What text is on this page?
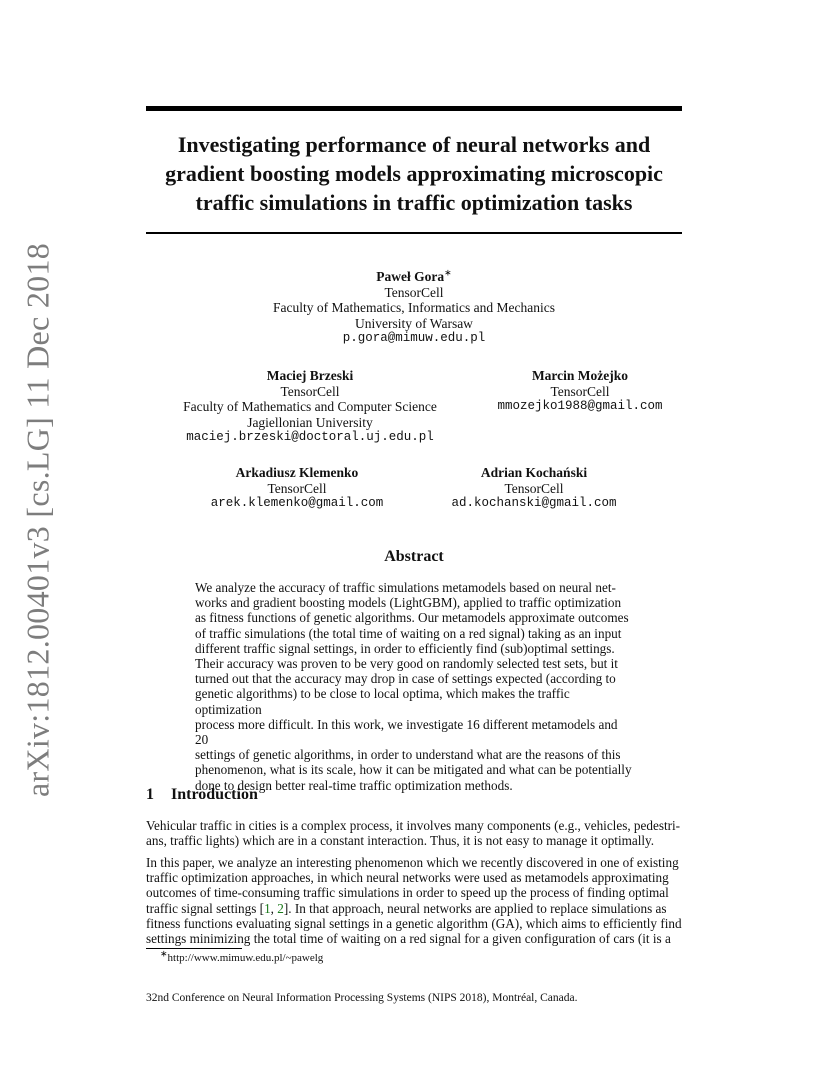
arXiv:1812.00401v3 [cs.LG] 11 Dec 2018
Investigating performance of neural networks and
gradient boosting models approximating microscopic
traffic simulations in traffic optimization tasks
Paweł Gora∗
TensorCell
Faculty of Mathematics, Informatics and Mechanics
University of Warsaw
p.gora@mimuw.edu.pl
Maciej Brzeski
TensorCell
Faculty of Mathematics and Computer Science
Jagiellonian University
maciej.brzeski@doctoral.uj.edu.pl
Marcin Możejko
TensorCell
mmozejko1988@gmail.com
Arkadiusz Klemenko
TensorCell
arek.klemenko@gmail.com
Adrian Kochański
TensorCell
ad.kochanski@gmail.com
Abstract
We analyze the accuracy of traffic simulations metamodels based on neural net-
works and gradient boosting models (LightGBM), applied to traffic optimization
as fitness functions of genetic algorithms. Our metamodels approximate outcomes
of traffic simulations (the total time of waiting on a red signal) taking as an input
different traffic signal settings, in order to efficiently find (sub)optimal settings.
Their accuracy was proven to be very good on randomly selected test sets, but it
turned out that the accuracy may drop in case of settings expected (according to
genetic algorithms) to be close to local optima, which makes the traffic optimization
process more difficult. In this work, we investigate 16 different metamodels and 20
settings of genetic algorithms, in order to understand what are the reasons of this
phenomenon, what is its scale, how it can be mitigated and what can be potentially
done to design better real-time traffic optimization methods.
1 Introduction
Vehicular traffic in cities is a complex process, it involves many components (e.g., vehicles, pedestri-
ans, traffic lights) which are in a constant interaction. Thus, it is not easy to manage it optimally.
In this paper, we analyze an interesting phenomenon which we recently discovered in one of existing
traffic optimization approaches, in which neural networks were used as metamodels approximating
outcomes of time-consuming traffic simulations in order to speed up the process of finding optimal
traffic signal settings [1, 2]. In that approach, neural networks are applied to replace simulations as
fitness functions evaluating signal settings in a genetic algorithm (GA), which aims to efficiently find
settings minimizing the total time of waiting on a red signal for a given configuration of cars (it is a
∗http://www.mimuw.edu.pl/~pawelg
32nd Conference on Neural Information Processing Systems (NIPS 2018), Montréal, Canada.
